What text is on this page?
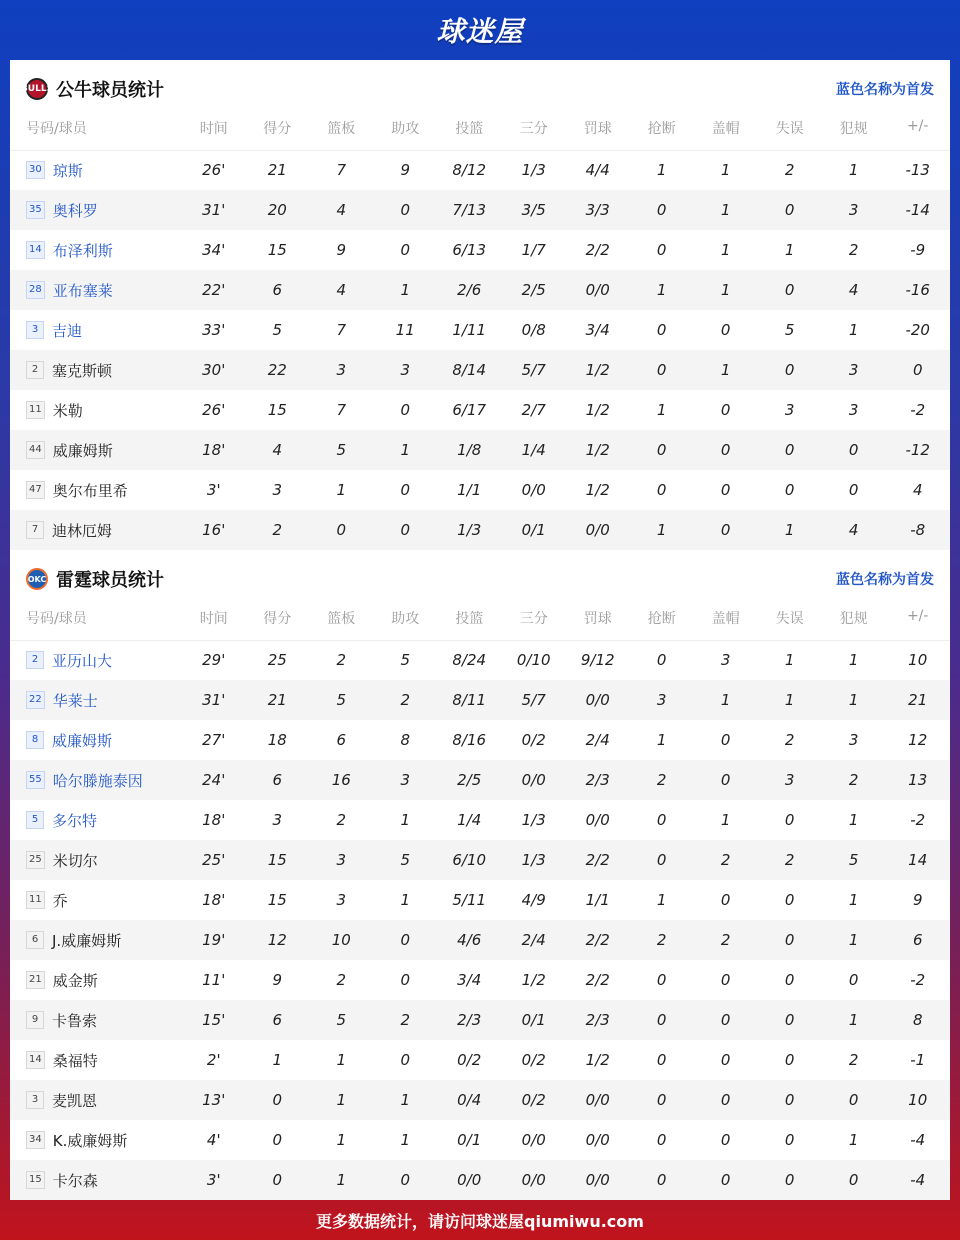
球迷屋
BULLS 公牛球员统计	蓝色名称为首发
号码/球员	时间	得分	篮板	助攻	投篮	三分	罚球	抢断	盖帽	失误	犯规	+/-
30 琼斯	26'	21	7	9	8/12	1/3	4/4	1	1	2	1	-13
35 奥科罗	31'	20	4	0	7/13	3/5	3/3	0	1	0	3	-14
14 布泽利斯	34'	15	9	0	6/13	1/7	2/2	0	1	1	2	-9
28 亚布塞莱	22'	6	4	1	2/6	2/5	0/0	1	1	0	4	-16
3 吉迪	33'	5	7	11	1/11	0/8	3/4	0	0	5	1	-20
2 塞克斯顿	30'	22	3	3	8/14	5/7	1/2	0	1	0	3	0
11 米勒	26'	15	7	0	6/17	2/7	1/2	1	0	3	3	-2
44 威廉姆斯	18'	4	5	1	1/8	1/4	1/2	0	0	0	0	-12
47 奥尔布里希	3'	3	1	0	1/1	0/0	1/2	0	0	0	0	4
7 迪林厄姆	16'	2	0	0	1/3	0/1	0/0	1	0	1	4	-8
OKC 雷霆球员统计	蓝色名称为首发
号码/球员	时间	得分	篮板	助攻	投篮	三分	罚球	抢断	盖帽	失误	犯规	+/-
2 亚历山大	29'	25	2	5	8/24	0/10	9/12	0	3	1	1	10
22 华莱士	31'	21	5	2	8/11	5/7	0/0	3	1	1	1	21
8 威廉姆斯	27'	18	6	8	8/16	0/2	2/4	1	0	2	3	12
55 哈尔滕施泰因	24'	6	16	3	2/5	0/0	2/3	2	0	3	2	13
5 多尔特	18'	3	2	1	1/4	1/3	0/0	0	1	0	1	-2
25 米切尔	25'	15	3	5	6/10	1/3	2/2	0	2	2	5	14
11 乔	18'	15	3	1	5/11	4/9	1/1	1	0	0	1	9
6 J.威廉姆斯	19'	12	10	0	4/6	2/4	2/2	2	2	0	1	6
21 威金斯	11'	9	2	0	3/4	1/2	2/2	0	0	0	0	-2
9 卡鲁索	15'	6	5	2	2/3	0/1	2/3	0	0	0	1	8
14 桑福特	2'	1	1	0	0/2	0/2	1/2	0	0	0	2	-1
3 麦凯恩	13'	0	1	1	0/4	0/2	0/0	0	0	0	0	10
34 K.威廉姆斯	4'	0	1	1	0/1	0/0	0/0	0	0	0	1	-4
15 卡尔森	3'	0	1	0	0/0	0/0	0/0	0	0	0	0	-4
更多数据统计，请访问球迷屋qiumiwu.com
